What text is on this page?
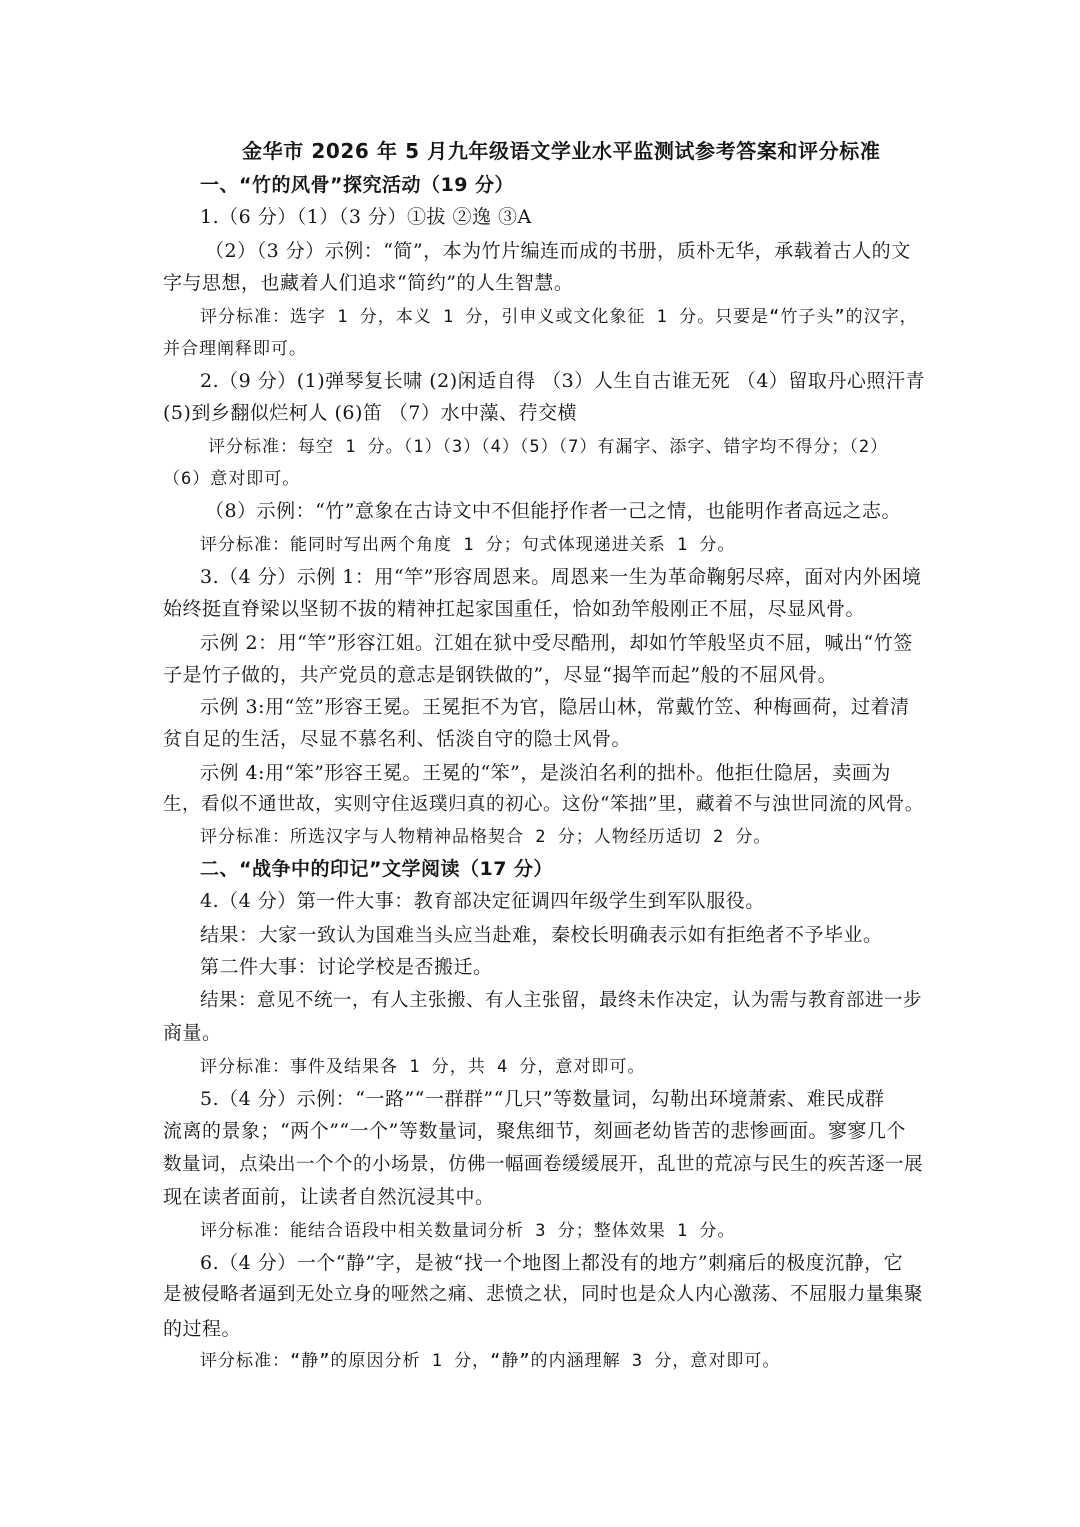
金华市 2026 年 5 月九年级语文学业水平监测试参考答案和评分标准
一、“竹的风骨”探究活动（19 分）
1.（6 分）（1）（3 分）①拔 ②逸 ③A
（2）（3 分）示例：“简”，本为竹片编连而成的书册，质朴无华，承载着古人的文
字与思想，也藏着人们追求“简约”的人生智慧。
评分标准：选字 1 分，本义 1 分，引申义或文化象征 1 分。只要是“竹子头”的汉字，
并合理阐释即可。
2.（9 分）(1)弹琴复长啸 (2)闲适自得 （3）人生自古谁无死 （4）留取丹心照汗青
(5)到乡翻似烂柯人 (6)笛 （7）水中藻、荇交横
评分标准：每空 1 分。（1）（3）（4）（5）（7）有漏字、添字、错字均不得分；（2）
（6）意对即可。
（8）示例：“竹”意象在古诗文中不但能抒作者一己之情，也能明作者高远之志。
评分标准：能同时写出两个角度 1 分；句式体现递进关系 1 分。
3.（4 分）示例 1：用“竿”形容周恩来。周恩来一生为革命鞠躬尽瘁，面对内外困境
始终挺直脊梁以坚韧不拔的精神扛起家国重任，恰如劲竿般刚正不屈，尽显风骨。
示例 2：用“竿”形容江姐。江姐在狱中受尽酷刑，却如竹竿般坚贞不屈，喊出“竹签
子是竹子做的，共产党员的意志是钢铁做的”，尽显“揭竿而起”般的不屈风骨。
示例 3:用“笠”形容王冕。王冕拒不为官，隐居山林，常戴竹笠、种梅画荷，过着清
贫自足的生活，尽显不慕名利、恬淡自守的隐士风骨。
示例 4:用“笨”形容王冕。王冕的“笨”，是淡泊名利的拙朴。他拒仕隐居，卖画为
生，看似不通世故，实则守住返璞归真的初心。这份“笨拙”里，藏着不与浊世同流的风骨。
评分标准：所选汉字与人物精神品格契合 2 分；人物经历适切 2 分。
二、“战争中的印记”文学阅读（17 分）
4.（4 分）第一件大事：教育部决定征调四年级学生到军队服役。
结果：大家一致认为国难当头应当赴难，秦校长明确表示如有拒绝者不予毕业。
第二件大事：讨论学校是否搬迁。
结果：意见不统一，有人主张搬、有人主张留，最终未作决定，认为需与教育部进一步
商量。
评分标准：事件及结果各 1 分，共 4 分，意对即可。
5.（4 分）示例：“一路”“一群群”“几只”等数量词，勾勒出环境萧索、难民成群
流离的景象；“两个”“一个”等数量词，聚焦细节，刻画老幼皆苦的悲惨画面。寥寥几个
数量词，点染出一个个的小场景，仿佛一幅画卷缓缓展开，乱世的荒凉与民生的疾苦逐一展
现在读者面前，让读者自然沉浸其中。
评分标准：能结合语段中相关数量词分析 3 分；整体效果 1 分。
6.（4 分）一个“静”字，是被“找一个地图上都没有的地方”刺痛后的极度沉静，它
是被侵略者逼到无处立身的哑然之痛、悲愤之状，同时也是众人内心激荡、不屈服力量集聚
的过程。
评分标准：“静”的原因分析 1 分，“静”的内涵理解 3 分，意对即可。
